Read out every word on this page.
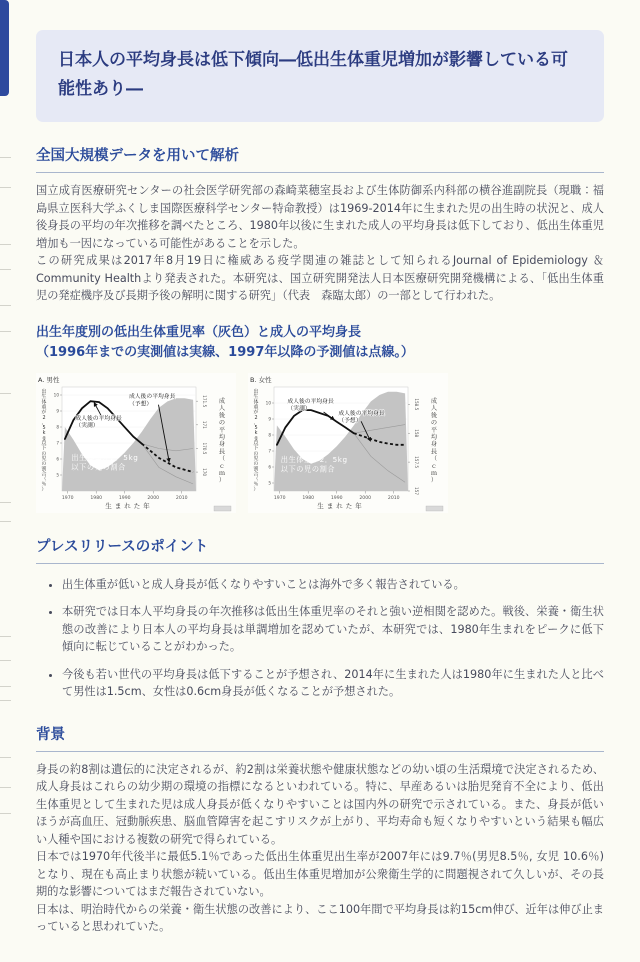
日本人の平均身長は低下傾向―低出生体重児増加が影響している可能性あり―
全国大規模データを用いて解析

国立成育医療研究センターの社会医学研究部の森崎菜穂室長および生体防御系内科部の横谷進副院長（現職：福島県立医科大学ふくしま国際医療科学センター特命教授）は1969-2014年に生まれた児の出生時の状況と、成人後身長の平均の年次推移を調べたところ、1980年以後に生まれた成人の平均身長は低下しており、低出生体重児増加も一因になっている可能性があることを示した。

この研究成果は2017年8月19日に権威ある疫学関連の雑誌として知られるJournal of Epidemiology ＆ Community Healthより発表された。本研究は、国立研究開発法人日本医療研究開発機構による、「低出生体重児の発症機序及び長期予後の解明に関する研究」（代表　森臨太郎）の一部として行われた。

出生年度別の低出生体重児率（灰色）と成人の平均身長
（1996年までの実測値は実線、1997年以降の予測値は点線。）
A. 男性
出生体重が2．5kg
以下の児の割合
5
6
7
8
9
10
1970	1980	1990	2000	2010
生まれた年
170
170.5
171
171.5
出
生
体
重
が
2
，
5
k
g
以
下
の
児
の
割
合
（
％
）
成
人
後
の
平
均
身
長
（
ｃ
ｍ
）
成人後の平均身長
（実測）
成人後の平均身長
（予想）
B. 女性
出生体重が2．5kg
以下の児の割合
5
6
7
8
9
10
1970	1980	1990	2000	2010
生まれた年
157
157.5
158
158.5
出
生
体
重
が
2
，
5
k
g
以
下
の
児
の
割
合
（
％
）
成
人
後
の
平
均
身
長
（
ｃ
ｍ
）
成人後の平均身長
（実測）
成人後の平均身長
（予想）
プレスリリースのポイント
• 出生体重が低いと成人身長が低くなりやすいことは海外で多く報告されている。
• 本研究では日本人平均身長の年次推移は低出生体重児率のそれと強い逆相関を認めた。戦後、栄養・衛生状態の改善により日本人の平均身長は単調増加を認めていたが、本研究では、1980年生まれをピークに低下傾向に転じていることがわかった。
• 今後も若い世代の平均身長は低下することが予想され、2014年に生まれた人は1980年に生まれた人と比べて男性は1.5cm、女性は0.6cm身長が低くなることが予想された。
背景

身長の約8割は遺伝的に決定されるが、約2割は栄養状態や健康状態などの幼い頃の生活環境で決定されるため、成人身長はこれらの幼少期の環境の指標になるといわれている。特に、早産あるいは胎児発育不全により、低出生体重児として生まれた児は成人身長が低くなりやすいことは国内外の研究で示されている。また、身長が低いほうが高血圧、冠動脈疾患、脳血管障害を起こすリスクが上がり、平均寿命も短くなりやすいという結果も幅広い人種や国における複数の研究で得られている。

日本では1970年代後半に最低5.1％であった低出生体重児出生率が2007年には9.7％(男児8.5％, 女児 10.6％)となり、現在も高止まり状態が続いている。低出生体重児増加が公衆衛生学的に問題視されて久しいが、その長期的な影響についてはまだ報告されていない。

日本は、明治時代からの栄養・衛生状態の改善により、ここ100年間で平均身長は約15cm伸び、近年は伸び止まっていると思われていた。
